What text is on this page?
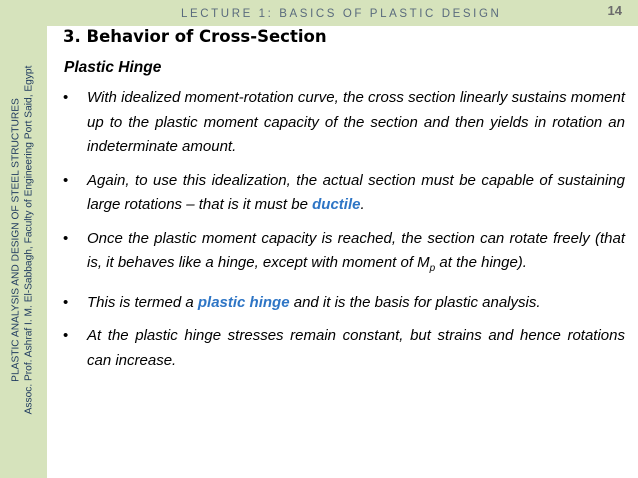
PLASTIC ANALYSIS AND DESIGN OF STEEL STRUCTURES Assoc. Prof. Ashraf I. M. El-Sabbagh, Faculty of Engineering Port Said, Egypt
LECTURE 1: BASICS OF PLASTIC DESIGN	14
3. Behavior of Cross-Section
Plastic Hinge
• With idealized moment-rotation curve, the cross section linearly sustains moment up to the plastic moment capacity of the section and then yields in rotation an indeterminate amount.
• Again, to use this idealization, the actual section must be capable of sustaining large rotations – that is it must be ductile.
• Once the plastic moment capacity is reached, the section can rotate freely (that is, it behaves like a hinge, except with moment of $M_p$ at the hinge).
• This is termed a plastic hinge and it is the basis for plastic analysis.
• At the plastic hinge stresses remain constant, but strains and hence rotations can increase.
